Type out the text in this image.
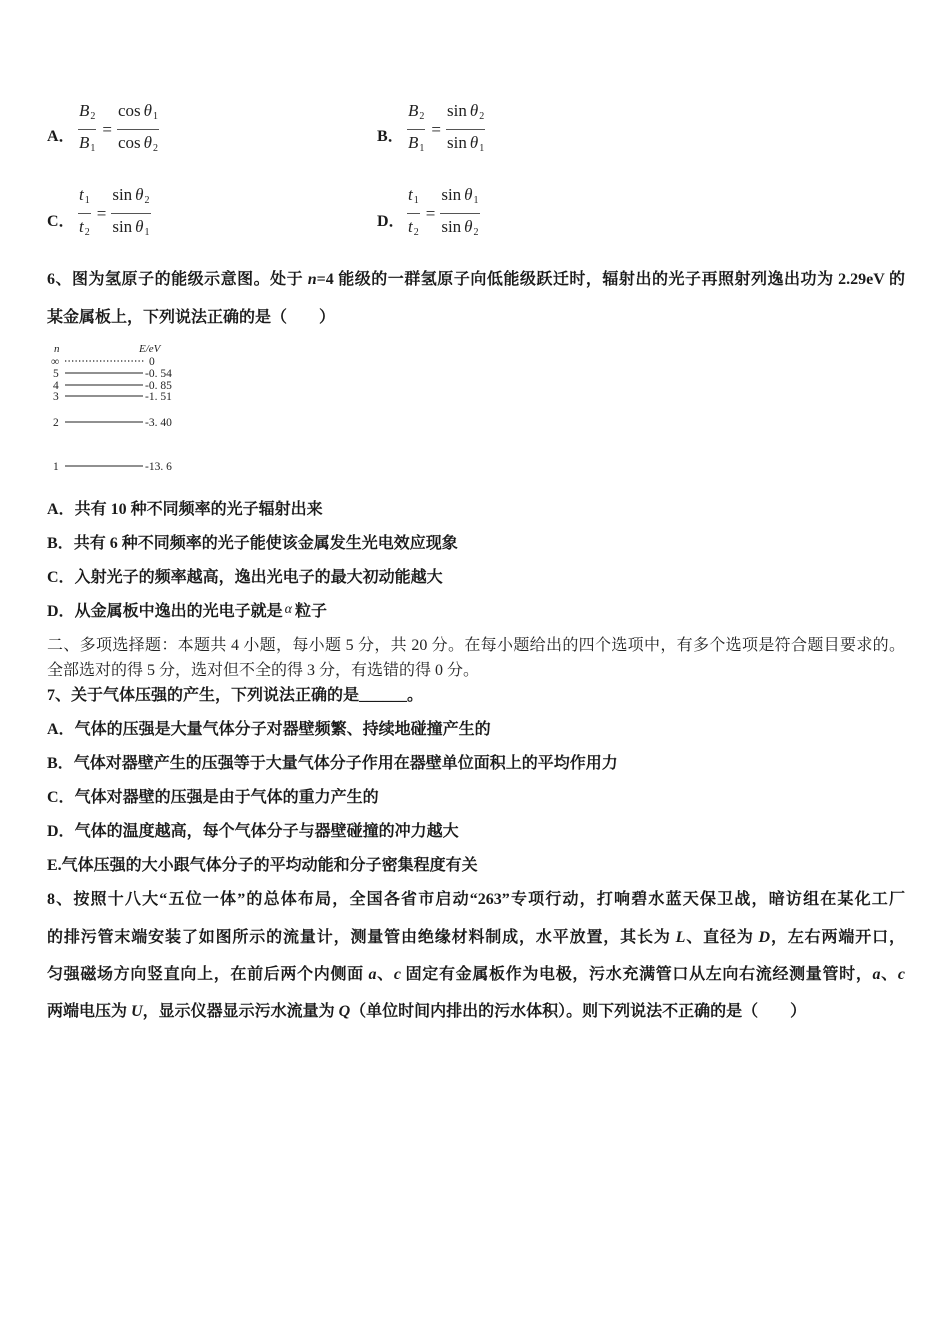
A． $\frac{B_2}{B_1} = \frac{\cos \theta_1}{\cos \theta_2}$	B． $\frac{B_2}{B_1} = \frac{\sin \theta_2}{\sin \theta_1}$
C． $\frac{t_1}{t_2} = \frac{\sin \theta_2}{\sin \theta_1}$	D． $\frac{t_1}{t_2} = \frac{\sin \theta_1}{\sin \theta_2}$
6、图为氢原子的能级示意图。处于 n=4 能级的一群氢原子向低能级跃迁时，辐射出的光子再照射列逸出功为 2.29eV 的
某金属板上，下列说法正确的是（　　）
n	E/eV
∞	0
5	-0. 54
4	-0. 85
3	-1. 51
2	-3. 40
1	-13. 6
A．共有 10 种不同频率的光子辐射出来
B．共有 6 种不同频率的光子能使该金属发生光电效应现象
C．入射光子的频率越高，逸出光电子的最大初动能越大
D．从金属板中逸出的光电子就是 α 粒子
二、多项选择题：本题共 4 小题，每小题 5 分，共 20 分。在每小题给出的四个选项中，有多个选项是符合题目要求的。
全部选对的得 5 分，选对但不全的得 3 分，有选错的得 0 分。
7、关于气体压强的产生，下列说法正确的是______。
A．气体的压强是大量气体分子对器壁频繁、持续地碰撞产生的
B．气体对器壁产生的压强等于大量气体分子作用在器壁单位面积上的平均作用力
C．气体对器壁的压强是由于气体的重力产生的
D．气体的温度越高，每个气体分子与器壁碰撞的冲力越大
E.气体压强的大小跟气体分子的平均动能和分子密集程度有关
8、按照十八大“五位一体”的总体布局，全国各省市启动“263”专项行动，打响碧水蓝天保卫战，暗访组在某化工厂
的排污管末端安装了如图所示的流量计，测量管由绝缘材料制成，水平放置，其长为 L、直径为 D，左右两端开口，
匀强磁场方向竖直向上，在前后两个内侧面 a、c 固定有金属板作为电极，污水充满管口从左向右流经测量管时，a、c
两端电压为 U，显示仪器显示污水流量为 Q（单位时间内排出的污水体积）。则下列说法不正确的是（　　）
